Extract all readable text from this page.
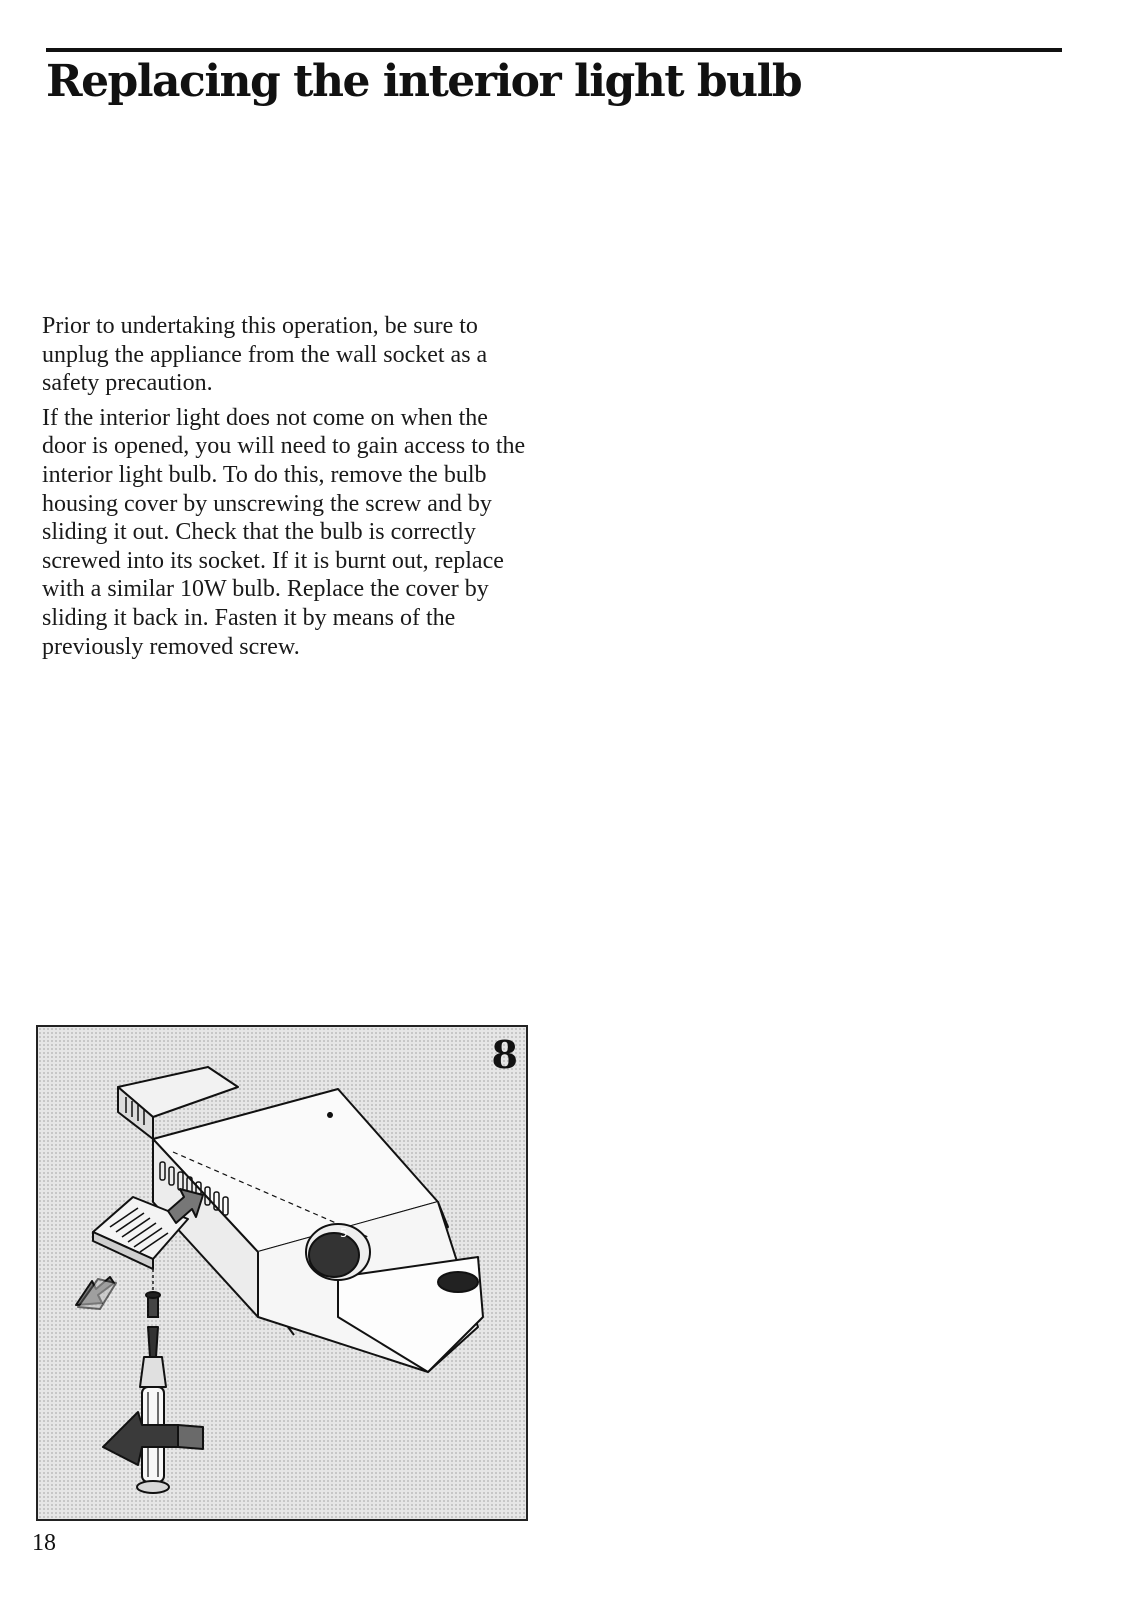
Replacing the interior light bulb

Prior to undertaking this operation, be sure to unplug the appliance from the wall socket as a safety precaution.

If the interior light does not come on when the door is opened, you will need to gain access to the interior light bulb. To do this, remove the bulb housing cover by unscrewing the screw and by sliding it out. Check that the bulb is correctly screwed into its socket. If it is burnt out, replace with a similar 10W bulb. Replace the cover by sliding it back in. Fasten it by means of the previously removed screw.

5
8
18
